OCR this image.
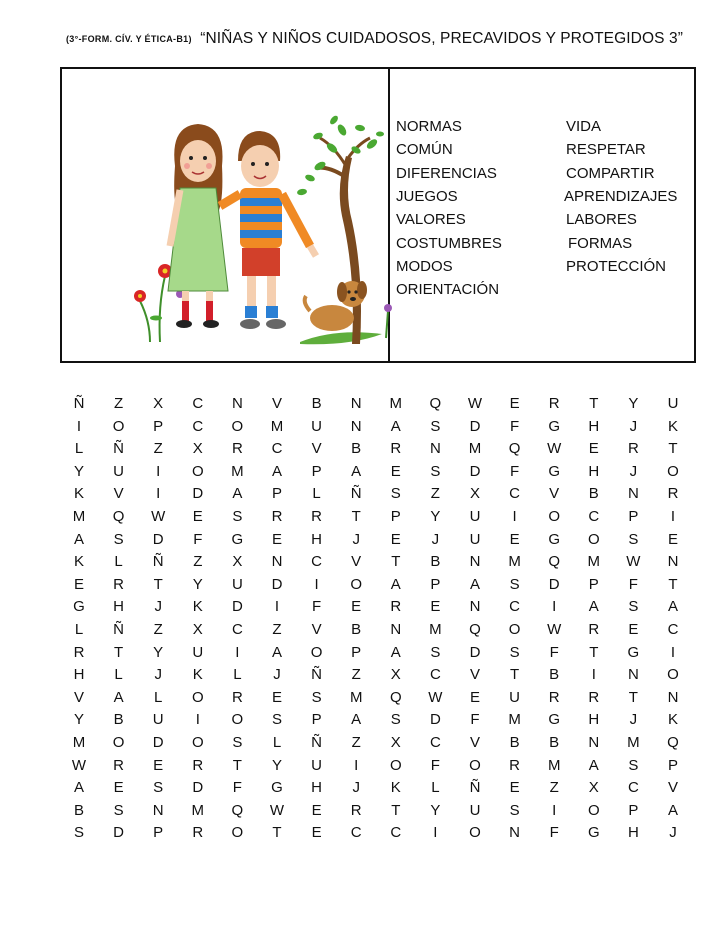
(3°-FORM. CÍV. Y ÉTICA-B1) “NIÑAS Y NIÑOS CUIDADOSOS, PRECAVIDOS Y PROTEGIDOS 3”
NORMAS
COMÚN
DIFERENCIAS
JUEGOS
VALORES
COSTUMBRES
MODOS
ORIENTACIÓN
VIDA
RESPETAR
COMPARTIR
APRENDIZAJES
LABORES
FORMAS
PROTECCIÓN
Ñ	Z	X	C	N	V	B	N	M	Q	W	E	R	T	Y	U
I	O	P	C	O	M	U	N	A	S	D	F	G	H	J	K
L	Ñ	Z	X	R	C	V	B	R	N	M	Q	W	E	R	T
Y	U	I	O	M	A	P	A	E	S	D	F	G	H	J	O
K	V	I	D	A	P	L	Ñ	S	Z	X	C	V	B	N	R
M	Q	W	E	S	R	R	T	P	Y	U	I	O	C	P	I
A	S	D	F	G	E	H	J	E	J	U	E	G	O	S	E
K	L	Ñ	Z	X	N	C	V	T	B	N	M	Q	M	W	N
E	R	T	Y	U	D	I	O	A	P	A	S	D	P	F	T
G	H	J	K	D	I	F	E	R	E	N	C	I	A	S	A
L	Ñ	Z	X	C	Z	V	B	N	M	Q	O	W	R	E	C
R	T	Y	U	I	A	O	P	A	S	D	S	F	T	G	I
H	L	J	K	L	J	Ñ	Z	X	C	V	T	B	I	N	O
V	A	L	O	R	E	S	M	Q	W	E	U	R	R	T	N
Y	B	U	I	O	S	P	A	S	D	F	M	G	H	J	K
M	O	D	O	S	L	Ñ	Z	X	C	V	B	B	N	M	Q
W	R	E	R	T	Y	U	I	O	F	O	R	M	A	S	P
A	E	S	D	F	G	H	J	K	L	Ñ	E	Z	X	C	V
B	S	N	M	Q	W	E	R	T	Y	U	S	I	O	P	A
S	D	P	R	O	T	E	C	C	I	O	N	F	G	H	J
